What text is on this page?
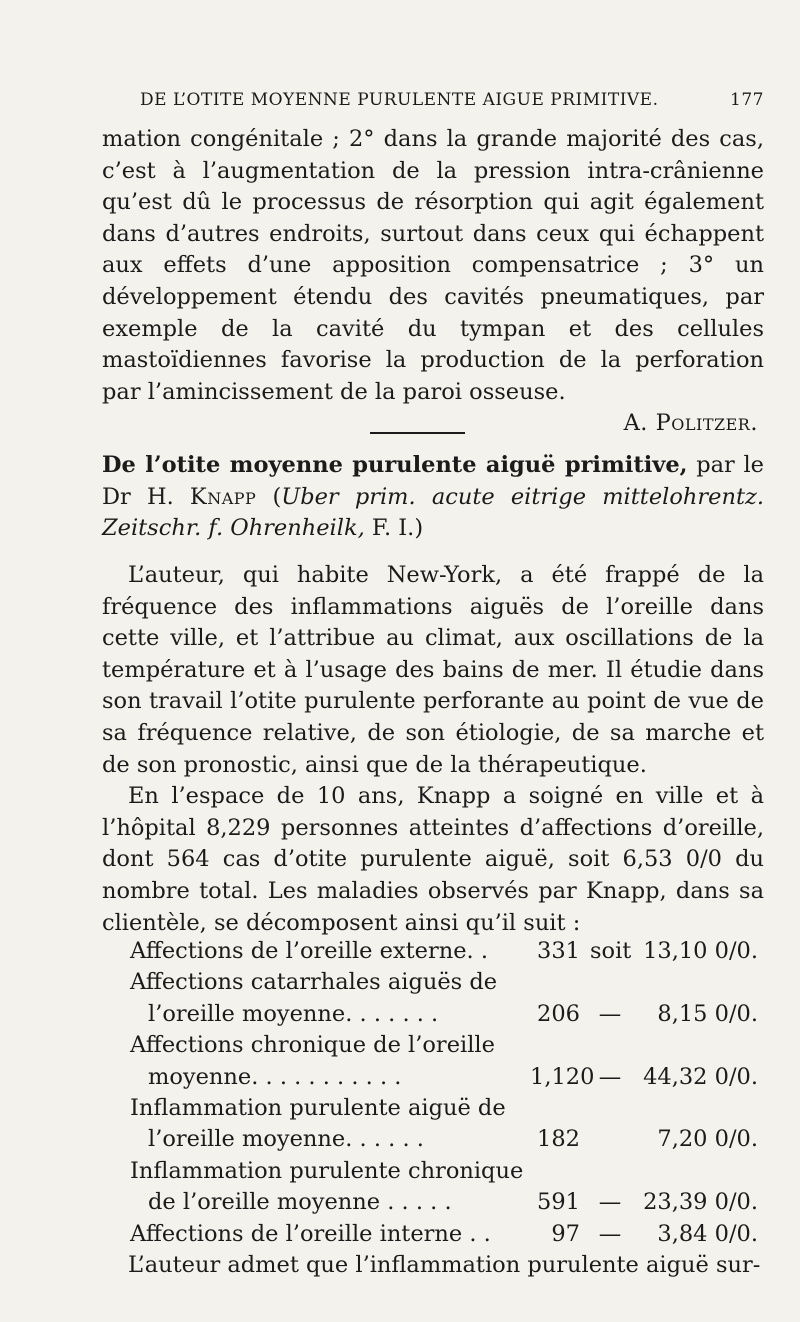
DE L’OTITE MOYENNE PURULENTE AIGUE PRIMITIVE.	177

mation congénitale ; 2° dans la grande majorité des cas, c’est à l’augmentation de la pression intra-crânienne qu’est dû le processus de résorption qui agit également dans d’autres endroits, surtout dans ceux qui échappent aux effets d’une apposition compensatrice ; 3° un développement étendu des cavités pneumatiques, par exemple de la cavité du tympan et des cellules mastoïdiennes favorise la production de la perforation par l’amincissement de la paroi osseuse.

A. Politzer.

De l’otite moyenne purulente aiguë primitive, par le Dr H. Knapp (Uber prim. acute eitrige mittelohrentz. Zeitschr. f. Ohrenheilk, F. I.)

L’auteur, qui habite New-York, a été frappé de la fréquence des inflammations aiguës de l’oreille dans cette ville, et l’attribue au climat, aux oscillations de la température et à l’usage des bains de mer. Il étudie dans son travail l’otite purulente perforante au point de vue de sa fréquence relative, de son étiologie, de sa marche et de son pronostic, ainsi que de la thérapeutique.

En l’espace de 10 ans, Knapp a soigné en ville et à l’hôpital 8,229 personnes atteintes d’affections d’oreille, dont 564 cas d’otite purulente aiguë, soit 6,53 0/0 du nombre total. Les maladies observés par Knapp, dans sa clientèle, se décomposent ainsi qu’il suit :

Affections de l’oreille externe. .	331 soit 13,10 0/0.
Affections catarrhales aiguës de
l’oreille moyenne. . . . . . .	206 —	8,15 0/0.
Affections chronique de l’oreille
moyenne. . . . . . . . . . .	1,120 — 44,32 0/0.
Inflammation purulente aiguë de
l’oreille moyenne. . . . . .	182	7,20 0/0.
Inflammation purulente chronique
de l’oreille moyenne . . . . .	591 — 23,39 0/0.
Affections de l’oreille interne . .	97 —	3,84 0/0.

L’auteur admet que l’inflammation purulente aiguë sur-
